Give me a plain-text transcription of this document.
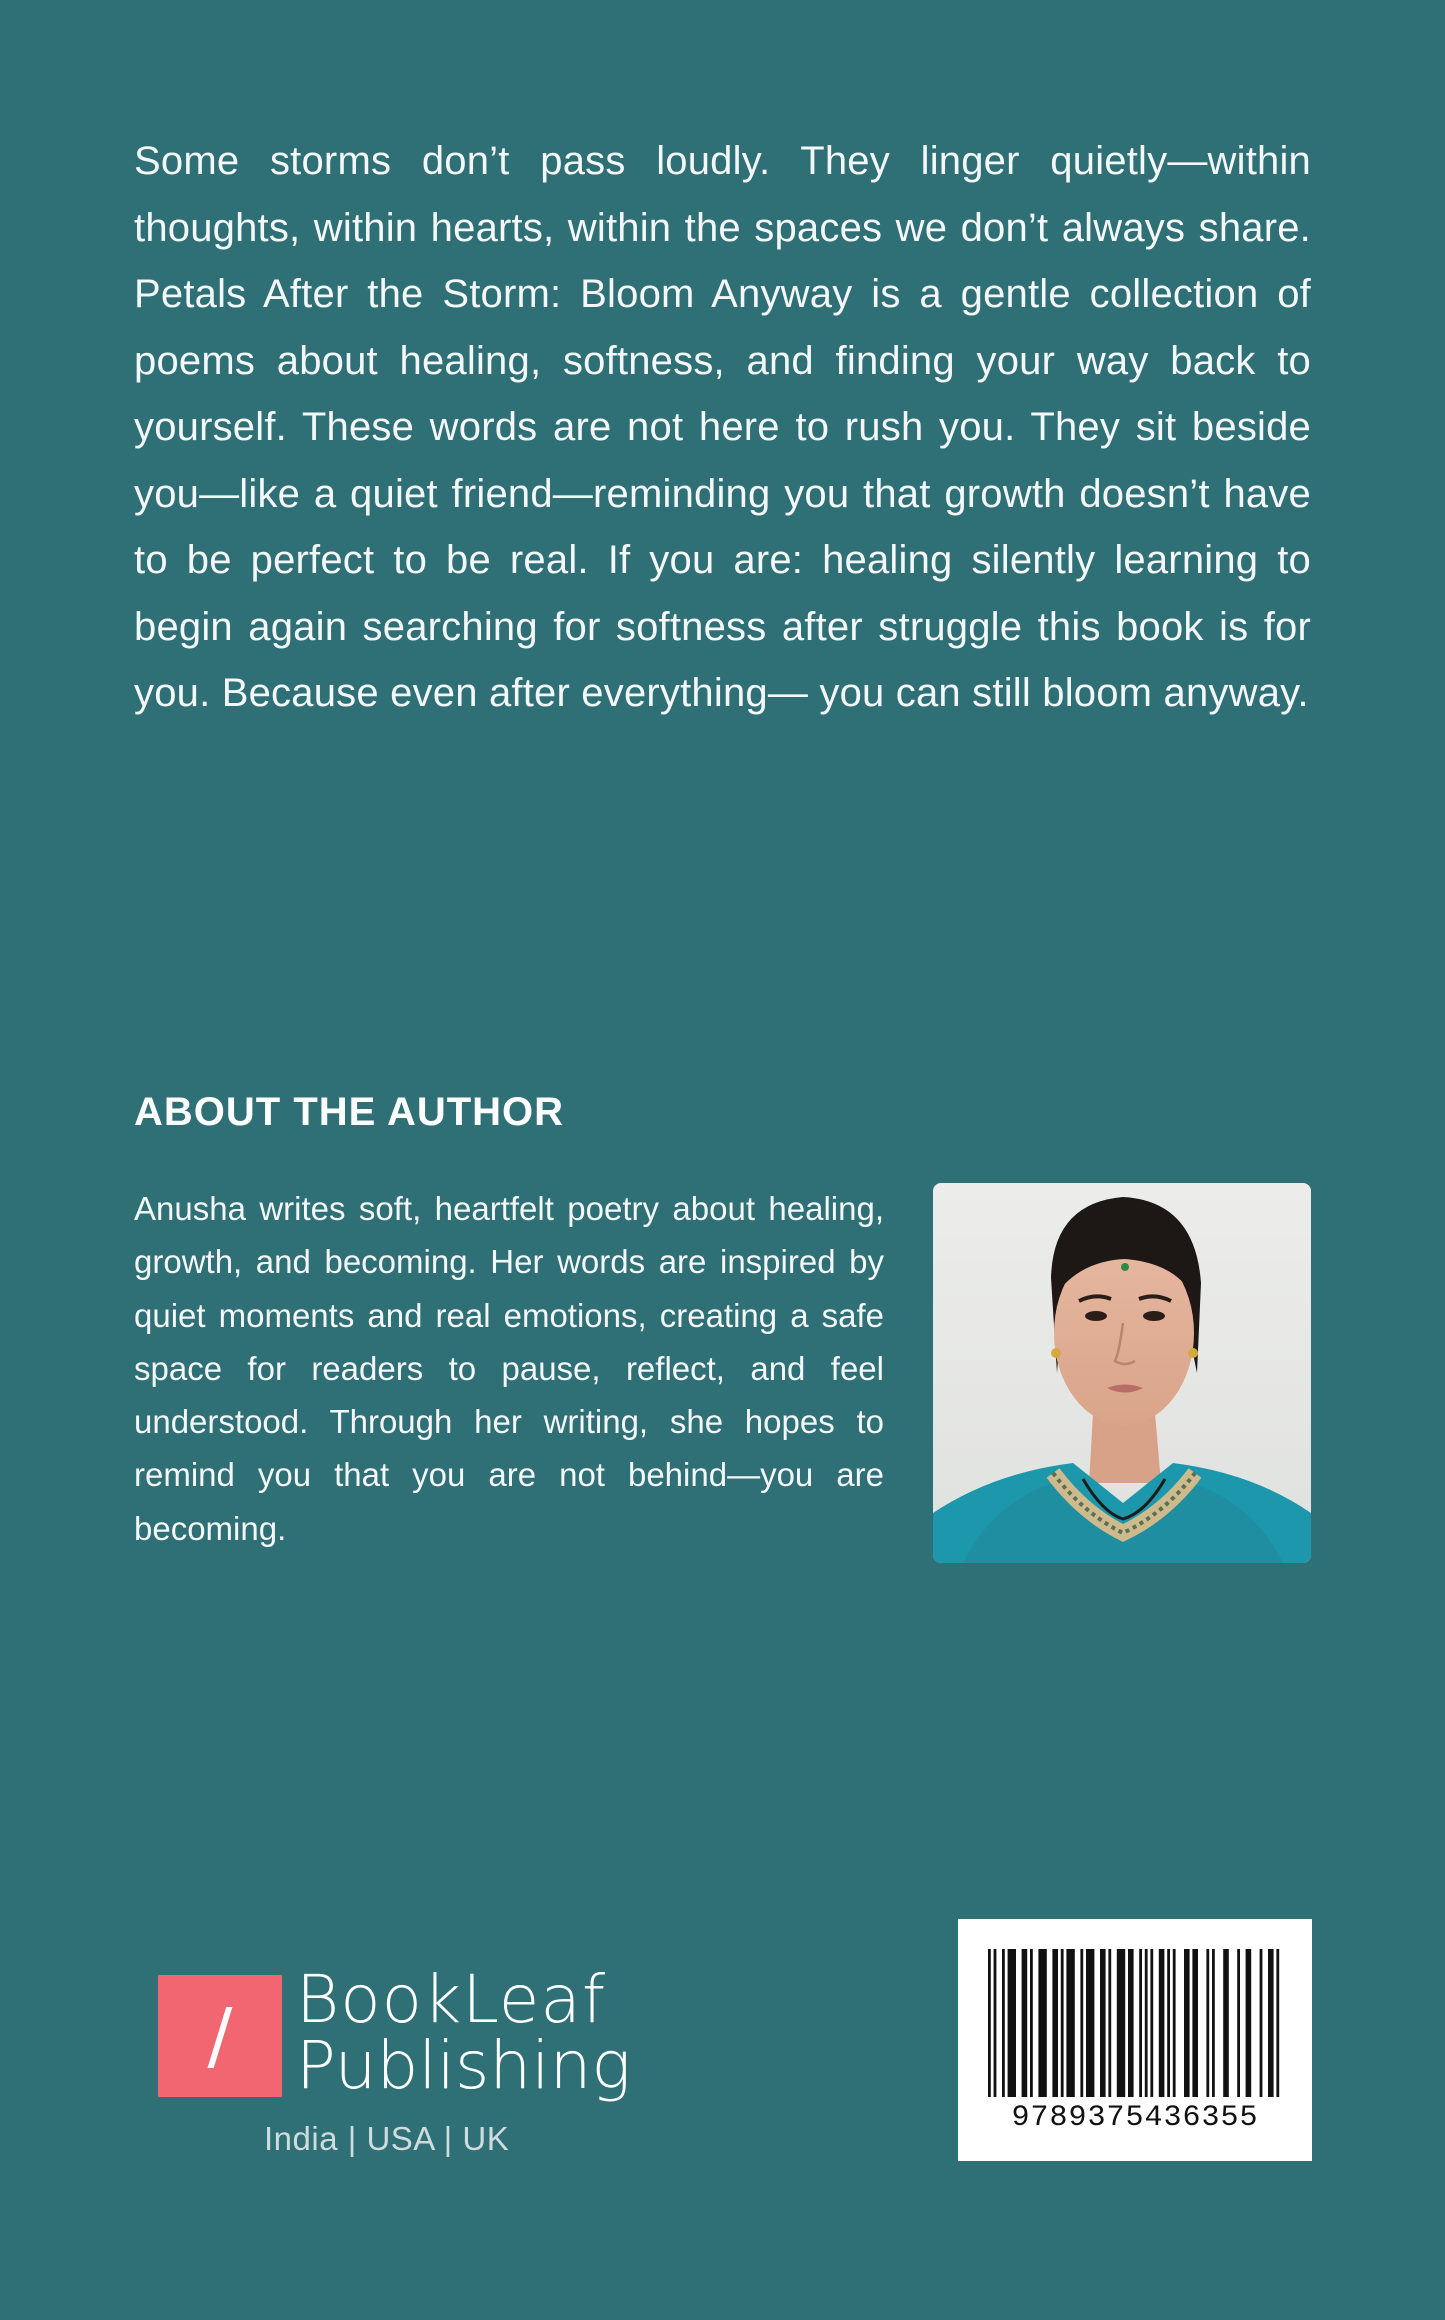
Some storms don’t pass loudly. They linger quietly—within thoughts, within hearts, within the spaces we don’t always share. Petals After the Storm: Bloom Anyway is a gentle collection of poems about healing, softness, and finding your way back to yourself. These words are not here to rush you. They sit beside you—like a quiet friend—reminding you that growth doesn’t have to be perfect to be real. If you are: healing silently learning to begin again searching for softness after struggle this book is for you. Because even after everything— you can still bloom anyway.
ABOUT THE AUTHOR
Anusha writes soft, heartfelt poetry about healing, growth, and becoming. Her words are inspired by quiet moments and real emotions, creating a safe space for readers to pause, reflect, and feel understood. Through her writing, she hopes to remind you that you are not behind—you are becoming.
/ BookLeaf
Publishing
India | USA | UK
9789375436355
